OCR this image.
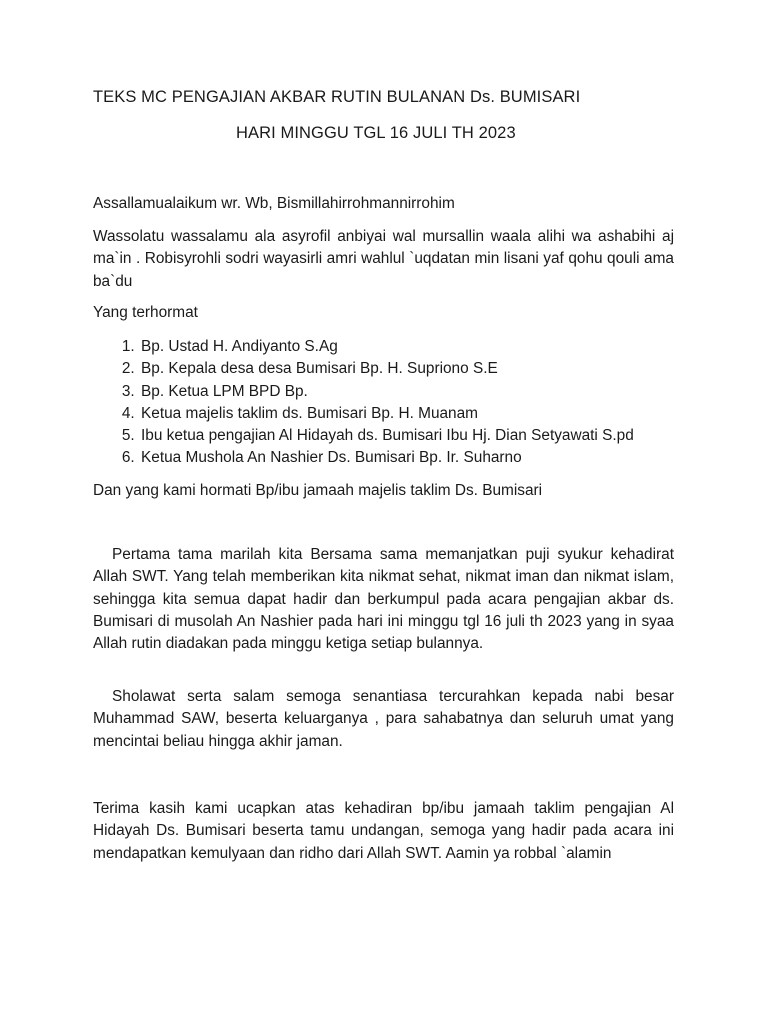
TEKS MC PENGAJIAN AKBAR RUTIN BULANAN Ds. BUMISARI
HARI MINGGU TGL 16 JULI TH 2023
Assallamualaikum wr. Wb, Bismillahirrohmannirrohim

Wassolatu wassalamu ala asyrofil anbiyai wal mursallin waala alihi wa ashabihi aj ma`in . Robisyrohli sodri wayasirli amri wahlul `uqdatan min lisani yaf qohu qouli ama ba`du

Yang terhormat
1. Bp. Ustad H. Andiyanto S.Ag
2. Bp. Kepala desa desa Bumisari Bp. H. Supriono S.E
3. Bp. Ketua LPM BPD Bp.
4. Ketua majelis taklim ds. Bumisari Bp. H. Muanam
5. Ibu ketua pengajian Al Hidayah ds. Bumisari Ibu Hj. Dian Setyawati S.pd
6. Ketua Mushola An Nashier Ds. Bumisari Bp. Ir. Suharno
Dan yang kami hormati Bp/ibu jamaah majelis taklim Ds. Bumisari

Pertama tama marilah kita Bersama sama memanjatkan puji syukur kehadirat Allah SWT. Yang telah memberikan kita nikmat sehat, nikmat iman dan nikmat islam, sehingga kita semua dapat hadir dan berkumpul pada acara pengajian akbar ds. Bumisari di musolah An Nashier pada hari ini minggu tgl 16 juli th 2023 yang in syaa Allah rutin diadakan pada minggu ketiga setiap bulannya.

Sholawat serta salam semoga senantiasa tercurahkan kepada nabi besar Muhammad SAW, beserta keluarganya , para sahabatnya dan seluruh umat yang mencintai beliau hingga akhir jaman.

Terima kasih kami ucapkan atas kehadiran bp/ibu jamaah taklim pengajian Al Hidayah Ds. Bumisari beserta tamu undangan, semoga yang hadir pada acara ini mendapatkan kemulyaan dan ridho dari Allah SWT. Aamin ya robbal `alamin
